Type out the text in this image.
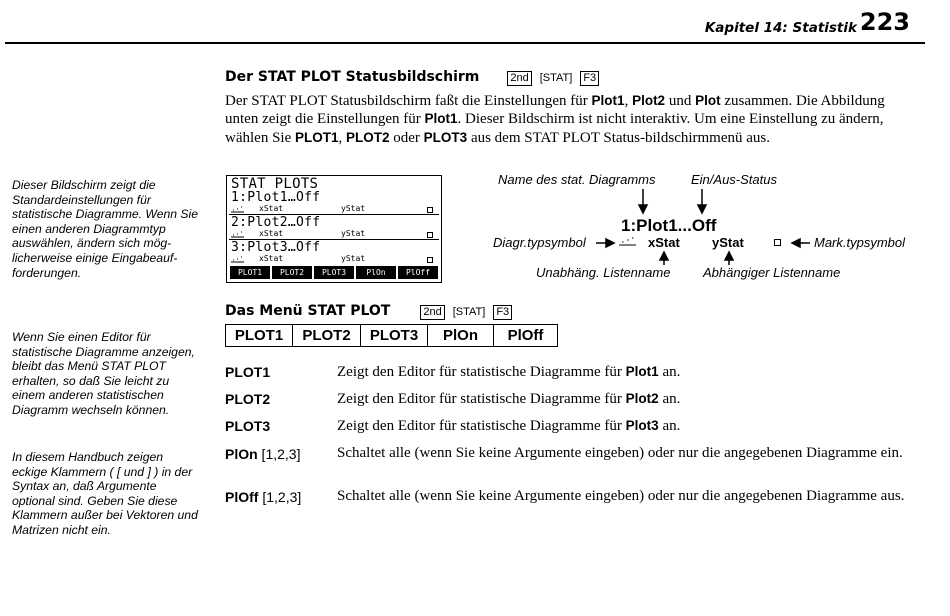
Kapitel 14: Statistik 223
Dieser Bildschirm zeigt die Standardeinstellungen für statistische Diagramme. Wenn Sie einen anderen Diagrammtyp auswählen, ändern sich mög-licherweise einige Eingabeauf-forderungen.
Wenn Sie einen Editor für statistische Diagramme anzeigen, bleibt das Menü STAT PLOT erhalten, so daß Sie leicht zu einem anderen statistischen Diagramm wechseln können.
In diesem Handbuch zeigen eckige Klammern ( [ und ] ) in der Syntax an, daß Argumente optional sind. Geben Sie diese Klammern außer bei Vektoren und Matrizen nicht ein.
Der STAT PLOT Statusbildschirm	2nd [STAT] F3
Der STAT PLOT Statusbildschirm faßt die Einstellungen für Plot1, Plot2 und Plot zusammen. Die Abbildung unten zeigt die Einstellungen für Plot1. Dieser Bildschirm ist nicht interaktiv. Um eine Einstellung zu ändern, wählen Sie PLOT1, PLOT2 oder PLOT3 aus dem STAT PLOT Status-bildschirmmenü aus.
STAT PLOTS
1:Plot1…Off
xStat	yStat
2:Plot2…Off
xStat	yStat
3:Plot3…Off
xStat	yStat
PLOT1	PLOT2	PLOT3	PlOn	PlOff
Name des stat. Diagramms	Ein/Aus-Status
1:Plot1...Off
Diagr.typsymbol	xStat yStat	Mark.typsymbol
Unabhäng. Listenname	Abhängiger Listenname
Das Menü STAT PLOT	2nd [STAT] F3
PLOT1	PLOT2	PLOT3	PlOn	PlOff
PLOT1	Zeigt den Editor für statistische Diagramme für Plot1 an.
PLOT2	Zeigt den Editor für statistische Diagramme für Plot2 an.
PLOT3	Zeigt den Editor für statistische Diagramme für Plot3 an.
PlOn [1,2,3] Schaltet alle (wenn Sie keine Argumente eingeben) oder nur die angegebenen Diagramme ein.
PlOff [1,2,3] Schaltet alle (wenn Sie keine Argumente eingeben) oder nur die angegebenen Diagramme aus.
